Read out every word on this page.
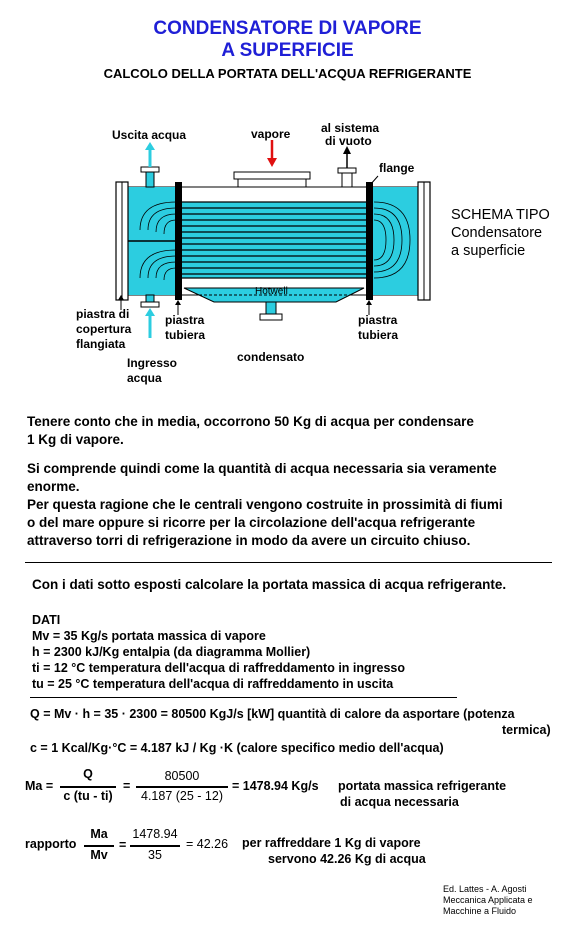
CONDENSATORE DI VAPORE
A SUPERFICIE
CALCOLO DELLA PORTATA DELL'ACQUA REFRIGERANTE
Uscita acqua	vapore	al sistema
di vuoto
flange
Hotwell
piastra di
copertura
flangiata
piastra
tubiera
Ingresso
acqua
condensato
piastra
tubiera
SCHEMA TIPO
Condensatore
a superficie
Tenere conto che in media, occorrono 50 Kg di acqua per condensare
1 Kg di vapore.
Si comprende quindi come la quantità di acqua necessaria sia veramente
enorme.
Per questa ragione che le centrali vengono costruite in prossimità di fiumi
o del mare oppure si ricorre per la circolazione dell'acqua refrigerante
attraverso torri di refrigerazione in modo da avere un circuito chiuso.
Con i dati sotto esposti calcolare la portata massica di acqua refrigerante.
DATI
Mv = 35 Kg/s portata massica di vapore
h = 2300 kJ/Kg entalpia (da diagramma Mollier)
ti = 12 °C temperatura dell'acqua di raffreddamento in ingresso
tu = 25 °C temperatura dell'acqua di raffreddamento in uscita
Q = Mv · h = 35 · 2300 = 80500 KgJ/s [kW] quantità di calore da asportare (potenza
termica)
c = 1 Kcal/Kg·°C = 4.187 kJ / Kg ·K (calore specifico medio dell'acqua)
Ma =
Q
c (tu - ti)
=
80500
4.187 (25 - 12)
= 1478.94 Kg/s portata massica refrigerante
di acqua necessaria
rapporto
Ma
Mv
=
1478.94
35
= 42.26 per raffreddare 1 Kg di vapore
servono 42.26 Kg di acqua
Ed. Lattes - A. Agosti
Meccanica Applicata e
Macchine a Fluido
